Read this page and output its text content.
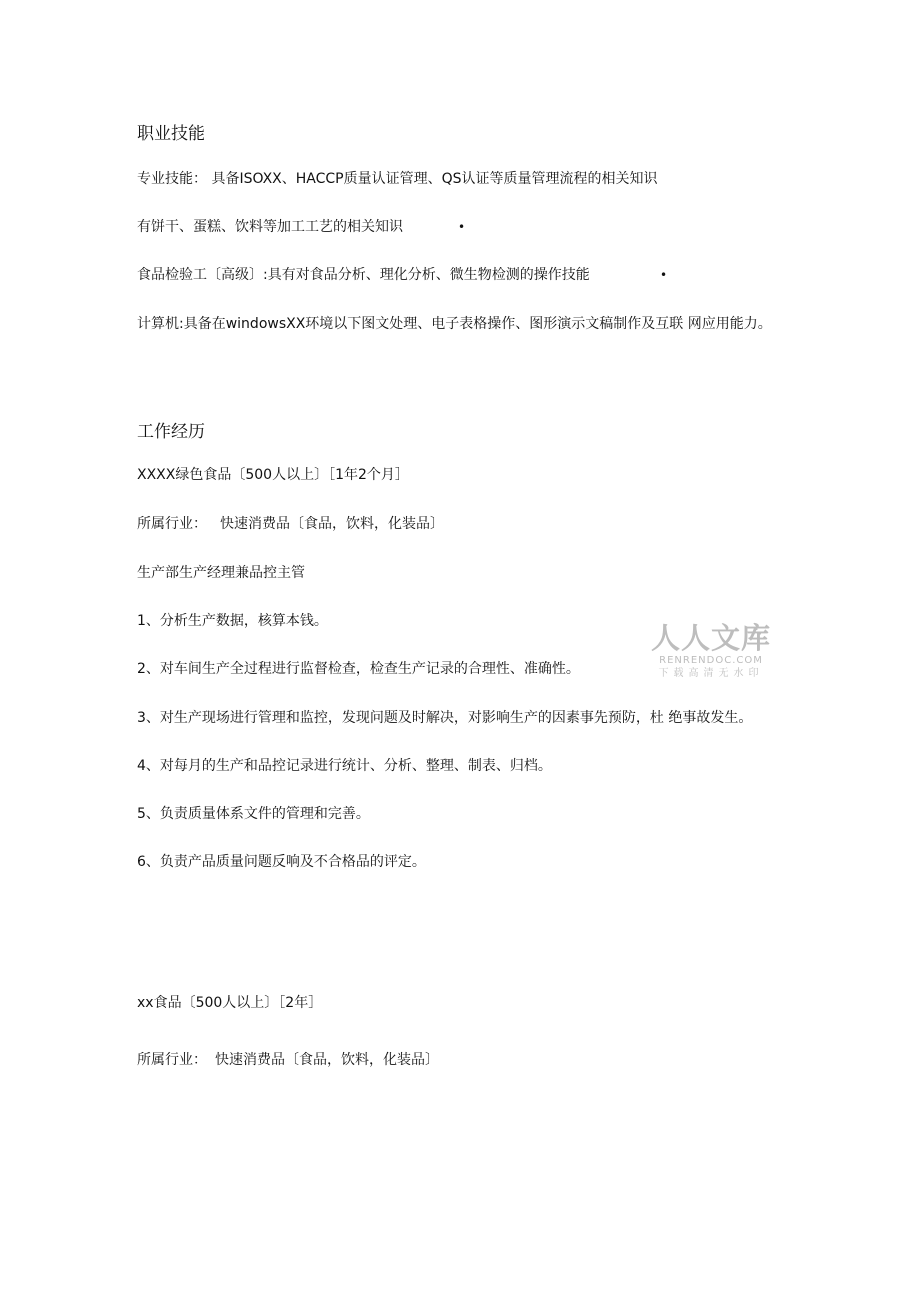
职业技能
专业技能： 具备ISOXX、HACCP质量认证管理、QS认证等质量管理流程的相关知识
有饼干、蛋糕、饮料等加工工艺的相关知识	•
食品检验工〔高级〕:具有对食品分析、理化分析、微生物检测的操作技能	•
计算机:具备在windowsXX环境以下图文处理、电子表格操作、图形演示文稿制作及互联 网应用能力。
工作经历
XXXX绿色食品〔500人以上〕［1年2个月］
所属行业： 快速消费品〔食品，饮料，化装品〕
生产部生产经理兼品控主管
1、分析生产数据，核算本钱。
2、对车间生产全过程进行监督检查，检查生产记录的合理性、准确性。
3、对生产现场进行管理和监控，发现问题及时解决，对影响生产的因素事先预防，杜 绝事故发生。
4、对每月的生产和品控记录进行统计、分析、整理、制表、归档。
5、负责质量体系文件的管理和完善。
6、负责产品质量问题反响及不合格品的评定。
xx食品〔500人以上〕［2年］
所属行业： 快速消费品〔食品，饮料，化装品〕
人人文库
RENRENDOC.COM
下载高清无水印
